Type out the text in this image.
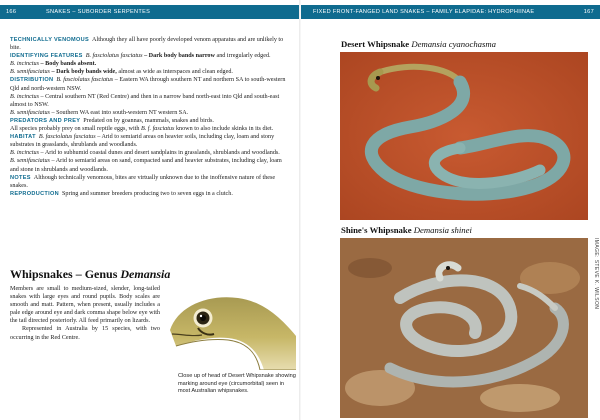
166	SNAKES – SUBORDER SERPENTES

TECHNICALLY VENOMOUS Although they all have poorly developed venom apparatus and are unlikely to bite.

IDENTIFYING FEATURES B. fasciolatus fasciatus – Dark body bands narrow and irregularly edged.

B. incinctus – Body bands absent.

B. semifasciatus – Dark body bands wide, almost as wide as interspaces and clean edged.

DISTRIBUTION B. fasciolatus fasciatus – Eastern WA through southern NT and northern SA to south-western Qld and north-western NSW.

B. incinctus – Central southern NT (Red Centre) and then in a narrow band north-east into Qld and south-east almost to NSW.

B. semifasciatus – Southern WA east into south-western NT western SA.

PREDATORS AND PREY Predated on by goannas, mammals, snakes and birds.

All species probably prey on small reptile eggs, with B. f. fasciatus known to also include skinks in its diet.

HABITAT B. fasciolatus fasciatus – Arid to semiarid areas on heavier soils, including clay, loam and stony substrates in grasslands, shrublands and woodlands.

B. incinctus – Arid to subhumid coastal dunes and desert sandplains in grasslands, shrublands and woodlands.

B. semifasciatus – Arid to semiarid areas on sand, compacted sand and heavier substrates, including clay, loam and stone in shrublands and woodlands.

NOTES Although technically venomous, bites are virtually unknown due to the inoffensive nature of these snakes.

REPRODUCTION Spring and summer breeders producing two to seven eggs in a clutch.

Whipsnakes – Genus Demansia

Members are small to medium-sized, slender, long-tailed snakes with large eyes and round pupils. Body scales are smooth and matt. Pattern, when present, usually includes a pale edge around eye and dark comma shape below eye with the tail directed posteriorly. All feed primarily on lizards.

Represented in Australia by 15 species, with two occurring in the Red Centre.

Close up of head of Desert Whipsnake showing marking around eye (circumorbital) seen in most Australian whipsnakes.
FIXED FRONT-FANGED LAND SNAKES – FAMILY ELAPIDAE: HYDROPHIINAE	167
Desert Whipsnake Demansia cyanochasma
Shine's Whipsnake Demansia shinei
IMAGE: STEVE K. WILSON
